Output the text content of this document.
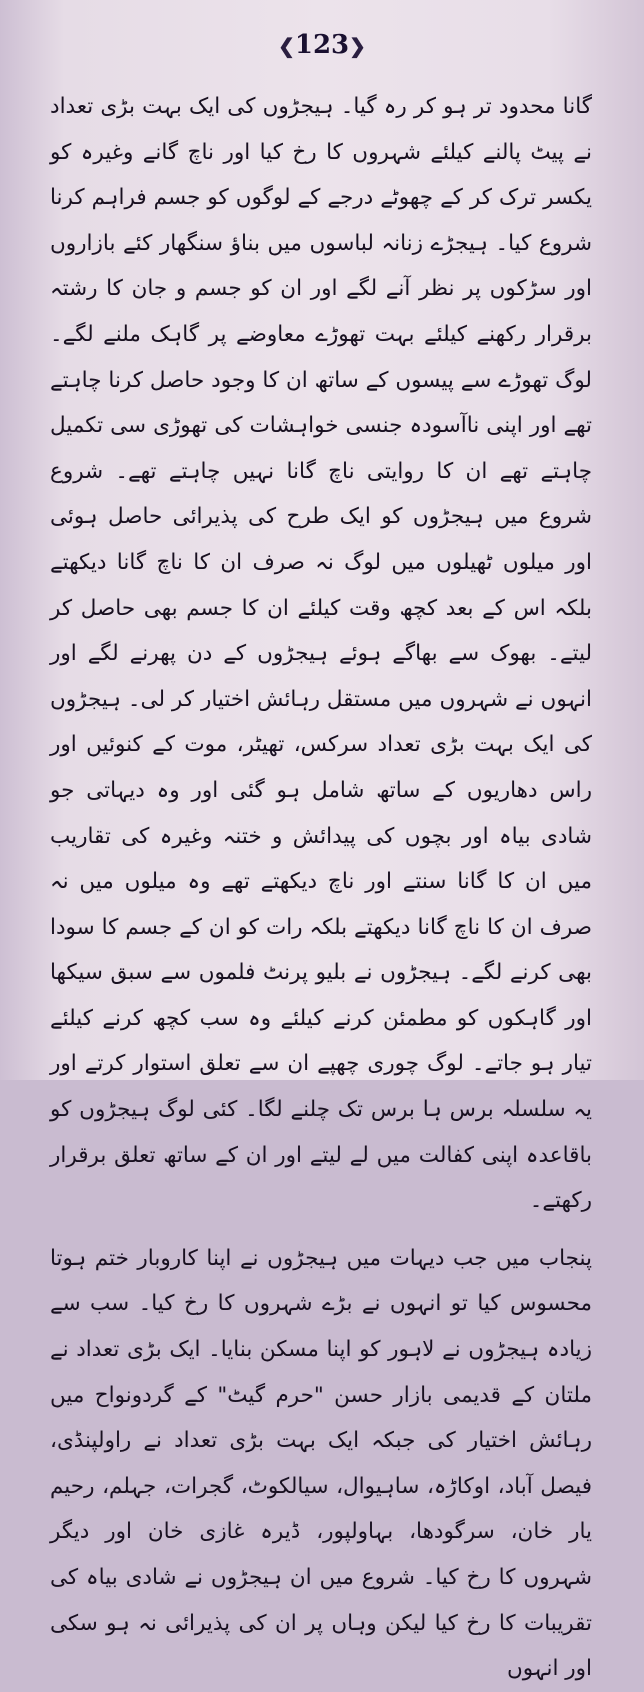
❮123❯

گانا محدود تر ہو کر رہ گیا۔ ہیجڑوں کی ایک بہت بڑی تعداد نے پیٹ پالنے کیلئے شہروں کا رخ کیا اور ناچ گانے وغیرہ کو یکسر ترک کر کے چھوٹے درجے کے لوگوں کو جسم فراہم کرنا شروع کیا۔ ہیجڑے زنانہ لباسوں میں بناؤ سنگھار کئے بازاروں اور سڑکوں پر نظر آنے لگے اور ان کو جسم و جان کا رشتہ برقرار رکھنے کیلئے بہت تھوڑے معاوضے پر گاہک ملنے لگے۔ لوگ تھوڑے سے پیسوں کے ساتھ ان کا وجود حاصل کرنا چاہتے تھے اور اپنی ناآسودہ جنسی خواہشات کی تھوڑی سی تکمیل چاہتے تھے ان کا روایتی ناچ گانا نہیں چاہتے تھے۔ شروع شروع میں ہیجڑوں کو ایک طرح کی پذیرائی حاصل ہوئی اور میلوں ٹھیلوں میں لوگ نہ صرف ان کا ناچ گانا دیکھتے بلکہ اس کے بعد کچھ وقت کیلئے ان کا جسم بھی حاصل کر لیتے۔ بھوک سے بھاگے ہوئے ہیجڑوں کے دن پھرنے لگے اور انہوں نے شہروں میں مستقل رہائش اختیار کر لی۔ ہیجڑوں کی ایک بہت بڑی تعداد سرکس، تھیٹر، موت کے کنوئیں اور راس دھاریوں کے ساتھ شامل ہو گئی اور وہ دیہاتی جو شادی بیاہ اور بچوں کی پیدائش و ختنہ وغیرہ کی تقاریب میں ان کا گانا سنتے اور ناچ دیکھتے تھے وہ میلوں میں نہ صرف ان کا ناچ گانا دیکھتے بلکہ رات کو ان کے جسم کا سودا بھی کرنے لگے۔ ہیجڑوں نے بلیو پرنٹ فلموں سے سبق سیکھا اور گاہکوں کو مطمئن کرنے کیلئے وہ سب کچھ کرنے کیلئے تیار ہو جاتے۔ لوگ چوری چھپے ان سے تعلق استوار کرتے اور یہ سلسلہ برس ہا برس تک چلنے لگا۔ کئی لوگ ہیجڑوں کو باقاعدہ اپنی کفالت میں لے لیتے اور ان کے ساتھ تعلق برقرار رکھتے۔

پنجاب میں جب دیہات میں ہیجڑوں نے اپنا کاروبار ختم ہوتا محسوس کیا تو انہوں نے بڑے شہروں کا رخ کیا۔ سب سے زیادہ ہیجڑوں نے لاہور کو اپنا مسکن بنایا۔ ایک بڑی تعداد نے ملتان کے قدیمی بازار حسن "حرم گیٹ" کے گردونواح میں رہائش اختیار کی جبکہ ایک بہت بڑی تعداد نے راولپنڈی، فیصل آباد، اوکاڑہ، ساہیوال، سیالکوٹ، گجرات، جہلم، رحیم یار خان، سرگودھا، بہاولپور، ڈیرہ غازی خان اور دیگر شہروں کا رخ کیا۔ شروع میں ان ہیجڑوں نے شادی بیاہ کی تقریبات کا رخ کیا لیکن وہاں پر ان کی پذیرائی نہ ہو سکی اور انہوں
